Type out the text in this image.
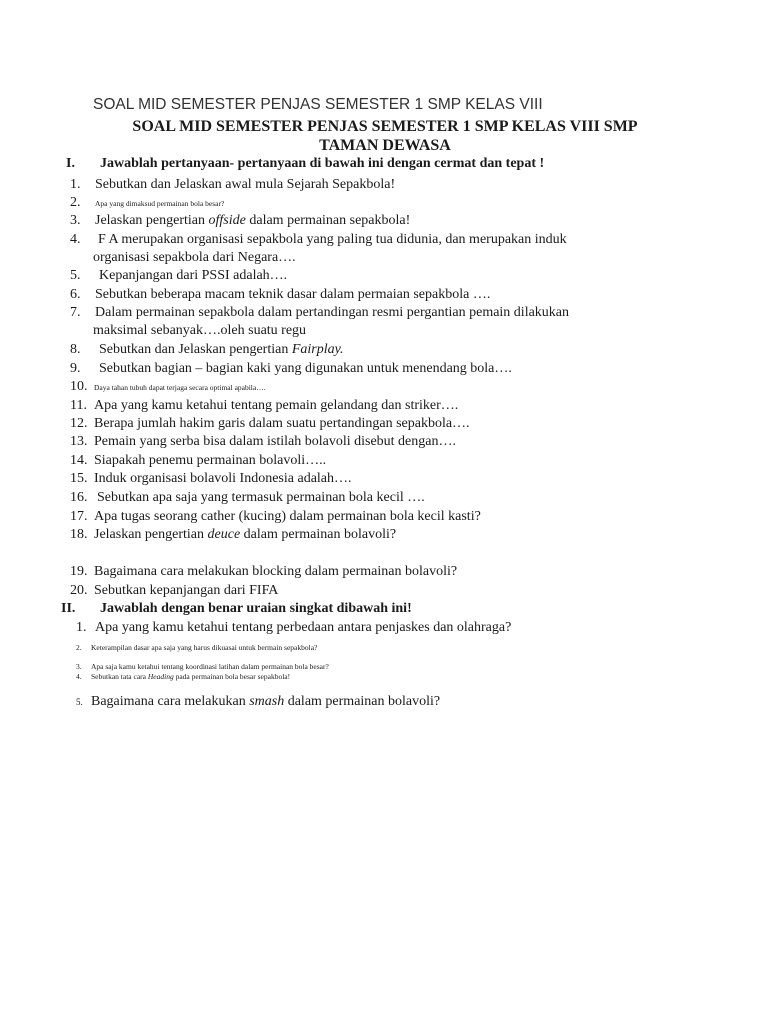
SOAL MID SEMESTER PENJAS SEMESTER 1 SMP KELAS VIII
SOAL MID SEMESTER PENJAS SEMESTER 1 SMP KELAS VIII SMP
TAMAN DEWASA
I. Jawablah pertanyaan- pertanyaan di bawah ini dengan cermat dan tepat !
1. Sebutkan dan Jelaskan awal mula Sejarah Sepakbola!
2. Apa yang dimaksud permainan bola besar?
3. Jelaskan pengertian offside dalam permainan sepakbola!
4. F A merupakan organisasi sepakbola yang paling tua didunia, dan merupakan induk
organisasi sepakbola dari Negara….
5. Kepanjangan dari PSSI adalah….
6. Sebutkan beberapa macam teknik dasar dalam permaian sepakbola ….
7. Dalam permainan sepakbola dalam pertandingan resmi pergantian pemain dilakukan
maksimal sebanyak….oleh suatu regu
8. Sebutkan dan Jelaskan pengertian Fairplay.
9. Sebutkan bagian – bagian kaki yang digunakan untuk menendang bola….
10. Daya tahan tubuh dapat terjaga secara optimal apabila….
11. Apa yang kamu ketahui tentang pemain gelandang dan striker….
12. Berapa jumlah hakim garis dalam suatu pertandingan sepakbola….
13. Pemain yang serba bisa dalam istilah bolavoli disebut dengan….
14. Siapakah penemu permainan bolavoli…..
15. Induk organisasi bolavoli Indonesia adalah….
16. Sebutkan apa saja yang termasuk permainan bola kecil ….
17. Apa tugas seorang cather (kucing) dalam permainan bola kecil kasti?
18. Jelaskan pengertian deuce dalam permainan bolavoli?
19. Bagaimana cara melakukan blocking dalam permainan bolavoli?
20. Sebutkan kepanjangan dari FIFA
II. Jawablah dengan benar uraian singkat dibawah ini!
1. Apa yang kamu ketahui tentang perbedaan antara penjaskes dan olahraga?
2. Keterampilan dasar apa saja yang harus dikuasai untuk bermain sepakbola?
3. Apa saja kamu ketahui tentang koordinasi latihan dalam permainan bola besar?
4. Sebutkan tata cara Heading pada permainan bola besar sepakbola!
5. Bagaimana cara melakukan smash dalam permainan bolavoli?
